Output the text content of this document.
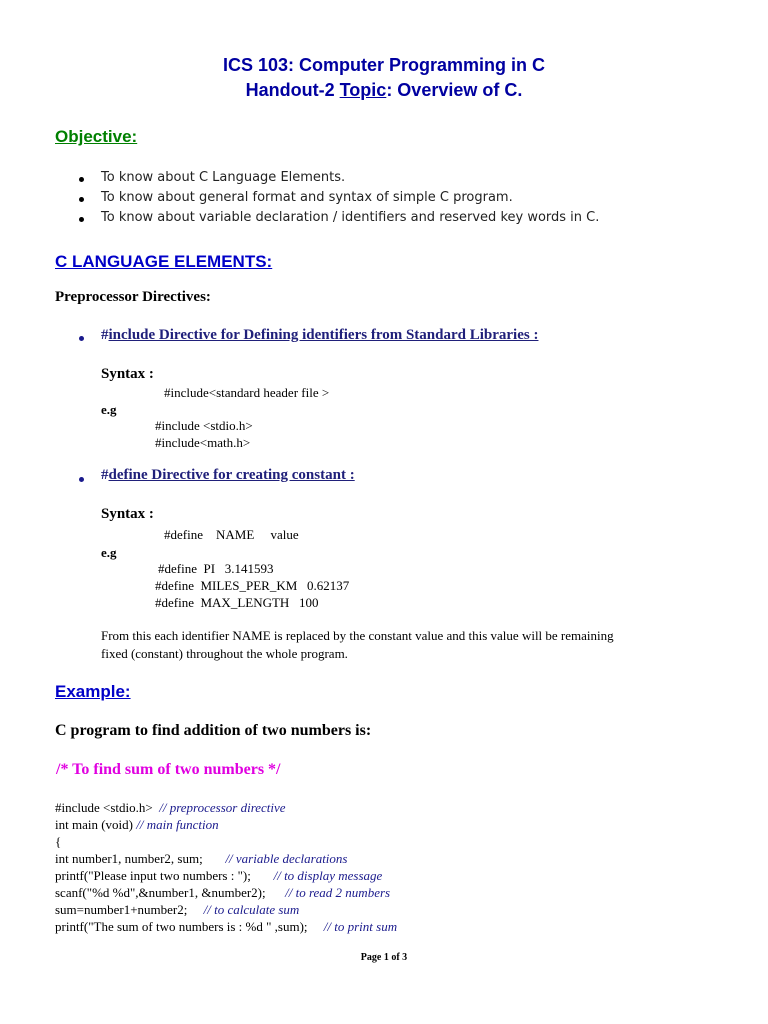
ICS 103: Computer Programming in C
Handout-2 Topic: Overview of C.
Objective:
To know about C Language Elements.
To know about general format and syntax of simple C program.
To know about variable declaration / identifiers and reserved key words in C.
C LANGUAGE ELEMENTS:
Preprocessor Directives:
#include Directive for Defining identifiers from Standard Libraries :
Syntax :
#include<standard header file >
e.g
#include <stdio.h>
#include<math.h>
#define Directive for creating constant :
Syntax :
#define    NAME     value
e.g
#define  PI   3.141593
#define  MILES_PER_KM   0.62137
#define  MAX_LENGTH   100
From this each identifier NAME is replaced by the constant value and this value will be remaining
fixed (constant) throughout the whole program.
Example:
C program to find addition of two numbers is:
/* To find sum of two numbers */
#include <stdio.h>  // preprocessor directive
int main (void) // main function
{
int number1, number2, sum;       // variable declarations
printf("Please input two numbers : ");       // to display message
scanf("%d %d",&number1, &number2);      // to read 2 numbers
sum=number1+number2;     // to calculate sum
printf("The sum of two numbers is : %d " ,sum);     // to print sum
Page 1 of 3
